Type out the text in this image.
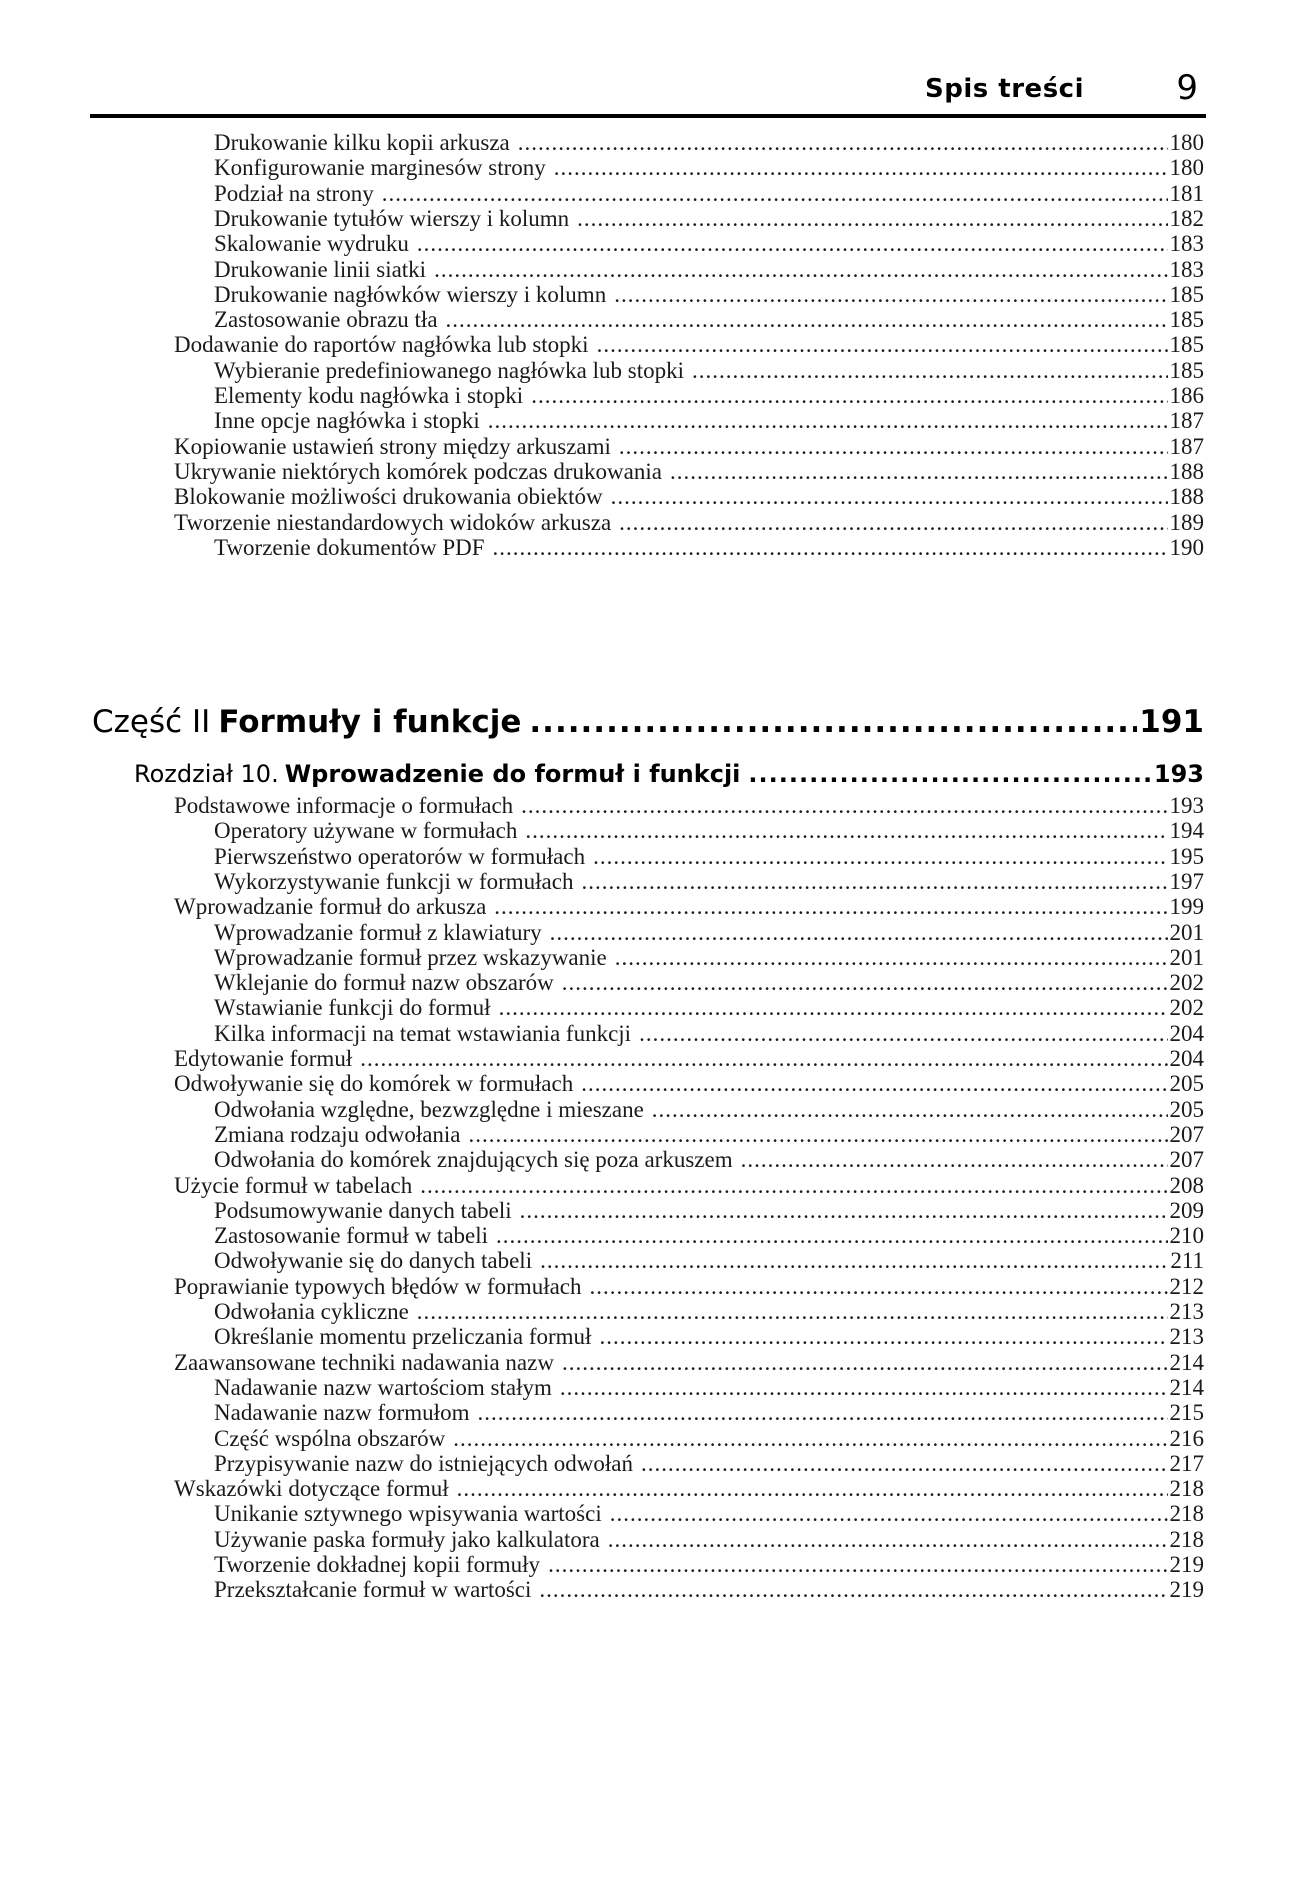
Spis treści	9
Część II Formuły i funkcje .....	191
Rozdział 10. Wprowadzenie do formuł i funkcji .....	193
Drukowanie kilku kopii arkusza .....	180
Konfigurowanie marginesów strony .....	180
Podział na strony .....	181
Drukowanie tytułów wierszy i kolumn .....	182
Skalowanie wydruku .....	183
Drukowanie linii siatki .....	183
Drukowanie nagłówków wierszy i kolumn .....	185
Zastosowanie obrazu tła .....	185
Dodawanie do raportów nagłówka lub stopki .....	185
Wybieranie predefiniowanego nagłówka lub stopki .....	185
Elementy kodu nagłówka i stopki .....	186
Inne opcje nagłówka i stopki .....	187
Kopiowanie ustawień strony między arkuszami .....	187
Ukrywanie niektórych komórek podczas drukowania .....	188
Blokowanie możliwości drukowania obiektów .....	188
Tworzenie niestandardowych widoków arkusza .....	189
Tworzenie dokumentów PDF .....	190
Podstawowe informacje o formułach .....	193
Operatory używane w formułach .....	194
Pierwszeństwo operatorów w formułach .....	195
Wykorzystywanie funkcji w formułach .....	197
Wprowadzanie formuł do arkusza .....	199
Wprowadzanie formuł z klawiatury .....	201
Wprowadzanie formuł przez wskazywanie .....	201
Wklejanie do formuł nazw obszarów .....	202
Wstawianie funkcji do formuł .....	202
Kilka informacji na temat wstawiania funkcji .....	204
Edytowanie formuł .....	204
Odwoływanie się do komórek w formułach .....	205
Odwołania względne, bezwzględne i mieszane .....	205
Zmiana rodzaju odwołania .....	207
Odwołania do komórek znajdujących się poza arkuszem .....	207
Użycie formuł w tabelach .....	208
Podsumowywanie danych tabeli .....	209
Zastosowanie formuł w tabeli .....	210
Odwoływanie się do danych tabeli .....	211
Poprawianie typowych błędów w formułach .....	212
Odwołania cykliczne .....	213
Określanie momentu przeliczania formuł .....	213
Zaawansowane techniki nadawania nazw .....	214
Nadawanie nazw wartościom stałym .....	214
Nadawanie nazw formułom .....	215
Część wspólna obszarów .....	216
Przypisywanie nazw do istniejących odwołań .....	217
Wskazówki dotyczące formuł .....	218
Unikanie sztywnego wpisywania wartości .....	218
Używanie paska formuły jako kalkulatora .....	218
Tworzenie dokładnej kopii formuły .....	219
Przekształcanie formuł w wartości .....	219
